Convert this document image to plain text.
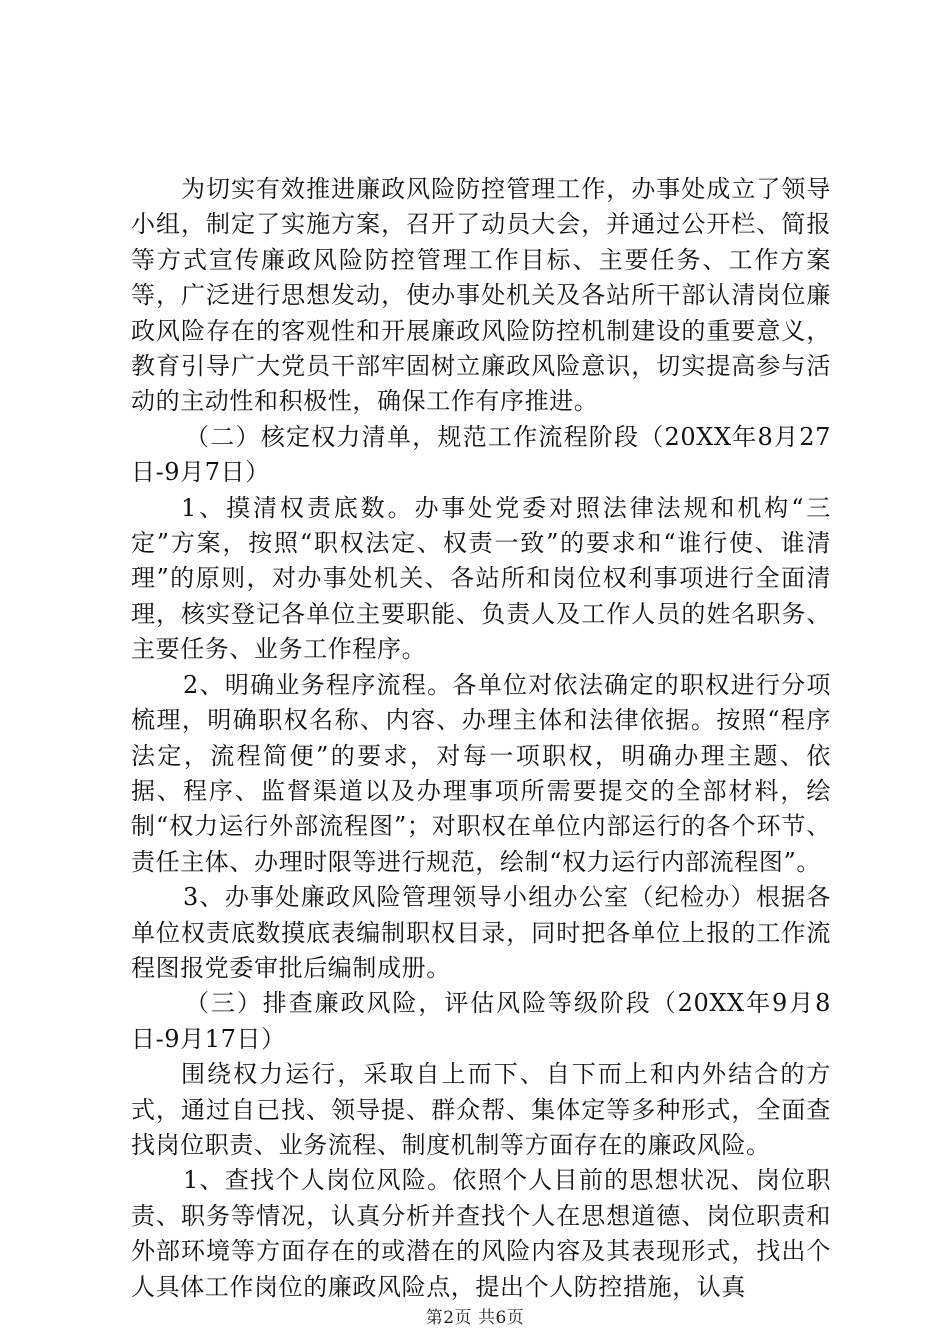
为切实有效推进廉政风险防控管理工作，办事处成立了领导小组，制定了实施方案，召开了动员大会，并通过公开栏、简报等方式宣传廉政风险防控管理工作目标、主要任务、工作方案等，广泛进行思想发动，使办事处机关及各站所干部认清岗位廉政风险存在的客观性和开展廉政风险防控机制建设的重要意义，教育引导广大党员干部牢固树立廉政风险意识，切实提高参与活动的主动性和积极性，确保工作有序推进。

（二）核定权力清单，规范工作流程阶段（20XX年8月27日-9月7日）

1、摸清权责底数。办事处党委对照法律法规和机构“三定”方案，按照“职权法定、权责一致”的要求和“谁行使、谁清理”的原则，对办事处机关、各站所和岗位权利事项进行全面清理，核实登记各单位主要职能、负责人及工作人员的姓名职务、主要任务、业务工作程序。

2、明确业务程序流程。各单位对依法确定的职权进行分项梳理，明确职权名称、内容、办理主体和法律依据。按照“程序法定，流程简便”的要求，对每一项职权，明确办理主题、依据、程序、监督渠道以及办理事项所需要提交的全部材料，绘制“权力运行外部流程图”；对职权在单位内部运行的各个环节、责任主体、办理时限等进行规范，绘制“权力运行内部流程图”。

3、办事处廉政风险管理领导小组办公室（纪检办）根据各单位权责底数摸底表编制职权目录，同时把各单位上报的工作流程图报党委审批后编制成册。

（三）排查廉政风险，评估风险等级阶段（20XX年9月8日-9月17日）

围绕权力运行，采取自上而下、自下而上和内外结合的方式，通过自已找、领导提、群众帮、集体定等多种形式，全面查找岗位职责、业务流程、制度机制等方面存在的廉政风险。

1、查找个人岗位风险。依照个人目前的思想状况、岗位职责、职务等情况，认真分析并查找个人在思想道德、岗位职责和外部环境等方面存在的或潜在的风险内容及其表现形式，找出个人具体工作岗位的廉政风险点，提出个人防控措施，认真

第2页 共6页
